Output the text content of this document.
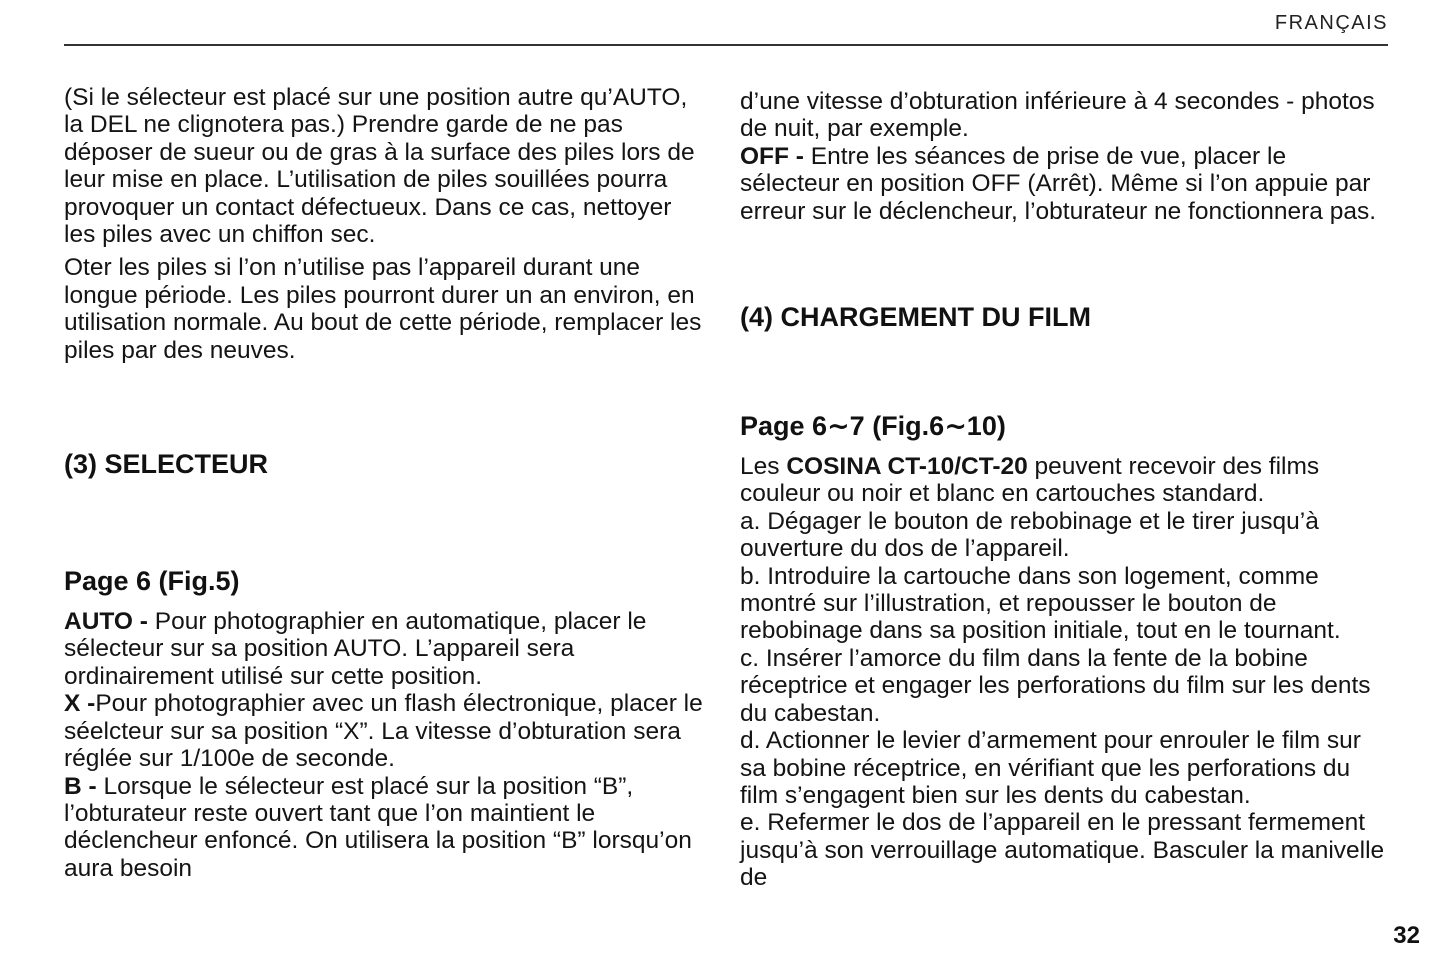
FRANÇAIS

(Si le sélecteur est placé sur une position autre qu’AUTO, la DEL ne clignotera pas.) Prendre garde de ne pas déposer de sueur ou de gras à la surface des piles lors de leur mise en place. L’utilisation de piles souillées pourra provoquer un contact défectueux. Dans ce cas, nettoyer les piles avec un chiffon sec.

Oter les piles si l’on n’utilise pas l’appareil durant une longue période. Les piles pourront durer un an environ, en utilisation normale. Au bout de cette période, remplacer les piles par des neuves.

(3) SELECTEUR

Page 6 (Fig.5)

AUTO - Pour photographier en automatique, placer le sélecteur sur sa position AUTO. L’appareil sera ordinairement utilisé sur cette position.

X -Pour photographier avec un flash électronique, placer le séelcteur sur sa position “X”. La vitesse d’obturation sera réglée sur 1/100e de seconde.

B - Lorsque le sélecteur est placé sur la position “B”, l’obturateur reste ouvert tant que l’on maintient le déclencheur enfoncé. On utilisera la position “B” lorsqu’on aura besoin

d’une vitesse d’obturation inférieure à 4 secondes - photos de nuit, par exemple.

OFF - Entre les séances de prise de vue, placer le sélecteur en position OFF (Arrêt). Même si l’on appuie par erreur sur le déclencheur, l’obturateur ne fonctionnera pas.

(4) CHARGEMENT DU FILM

Page 6∼7 (Fig.6∼10)

Les COSINA CT-10/CT-20 peuvent recevoir des films couleur ou noir et blanc en cartouches standard.

a. Dégager le bouton de rebobinage et le tirer jusqu’à ouverture du dos de l’appareil.

b. Introduire la cartouche dans son logement, comme montré sur l’illustration, et repousser le bouton de rebobinage dans sa position initiale, tout en le tournant.

c. Insérer l’amorce du film dans la fente de la bobine réceptrice et engager les perforations du film sur les dents du cabestan.

d. Actionner le levier d’armement pour enrouler le film sur sa bobine réceptrice, en vérifiant que les perforations du film s’engagent bien sur les dents du cabestan.

e. Refermer le dos de l’appareil en le pressant fermement jusqu’à son verrouillage automatique. Basculer la manivelle de

32
